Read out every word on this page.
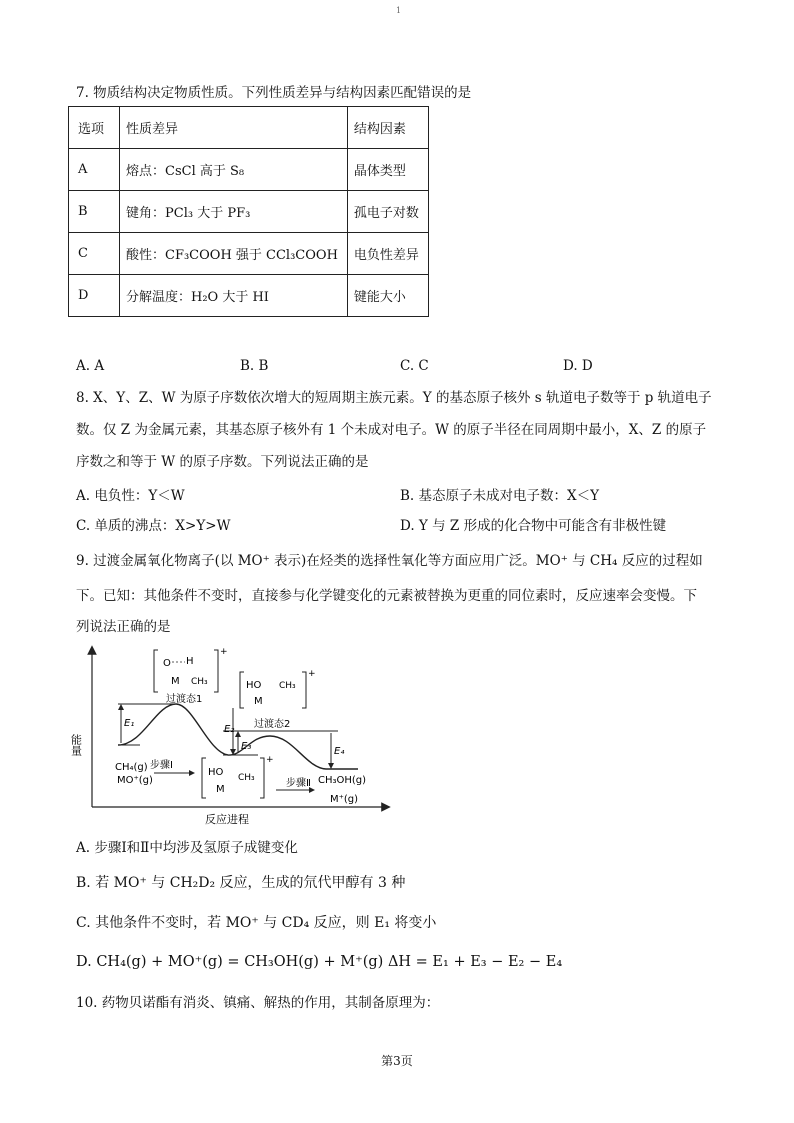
1
7. 物质结构决定物质性质。下列性质差异与结构因素匹配错误的是
选项	性质差异	结构因素
A	熔点：CsCl 高于 S₈	晶体类型
B	键角：PCl₃ 大于 PF₃	孤电子对数
C	酸性：CF₃COOH 强于 CCl₃COOH	电负性差异
D	分解温度：H₂O 大于 HI	键能大小
A. A	B. B	C. C	D. D
8. X、Y、Z、W 为原子序数依次增大的短周期主族元素。Y 的基态原子核外 s 轨道电子数等于 p 轨道电子
数。仅 Z 为金属元素，其基态原子核外有 1 个未成对电子。W 的原子半径在同周期中最小，X、Z 的原子
序数之和等于 W 的原子序数。下列说法正确的是
A. 电负性：Y＜W	B. 基态原子未成对电子数：X＜Y
C. 单质的沸点：X>Y>W	D. Y 与 Z 形成的化合物中可能含有非极性键
9. 过渡金属氧化物离子(以 MO⁺ 表示)在烃类的选择性氧化等方面应用广泛。MO⁺ 与 CH₄ 反应的过程如
下。已知：其他条件不变时，直接参与化学键变化的元素被替换为更重的同位素时，反应速率会变慢。下
列说法正确的是
能量
反应进程
E₁
E₂
E₃	E₄
O H
M CH₃
+
过渡态1
HO CH₃
M
+
过渡态2
CH₄(g)
MO⁺(g)
步骤Ⅰ
HO CH₃
M
+
步骤Ⅱ CH₃OH(g)
M⁺(g)
A. 步骤Ⅰ和Ⅱ中均涉及氢原子成键变化
B. 若 MO⁺ 与 CH₂D₂ 反应，生成的氘代甲醇有 3 种
C. 其他条件不变时，若 MO⁺ 与 CD₄ 反应，则 E₁ 将变小
D. CH₄(g) + MO⁺(g) = CH₃OH(g) + M⁺(g) ΔH = E₁ + E₃ − E₂ − E₄
10. 药物贝诺酯有消炎、镇痛、解热的作用，其制备原理为：
第3页
